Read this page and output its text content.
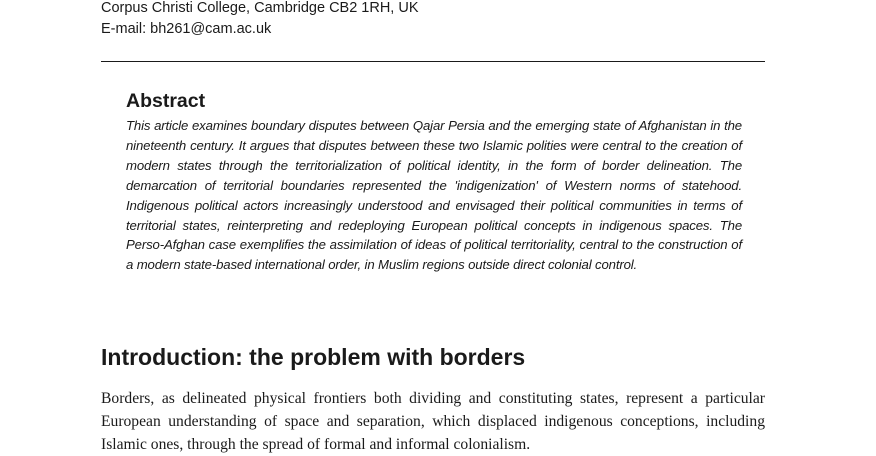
Corpus Christi College, Cambridge CB2 1RH, UK
E-mail: bh261@cam.ac.uk
Abstract

This article examines boundary disputes between Qajar Persia and the emerging state of Afghanistan in the nineteenth century. It argues that disputes between these two Islamic polities were central to the creation of modern states through the territorialization of political identity, in the form of border delineation. The demarcation of territorial boundaries represented the 'indigenization' of Western norms of statehood. Indigenous political actors increasingly understood and envisaged their political communities in terms of territorial states, reinterpreting and redeploying European political concepts in indigenous spaces. The Perso-Afghan case exemplifies the assimilation of ideas of political territoriality, central to the construction of a modern state-based international order, in Muslim regions outside direct colonial control.

Introduction: the problem with borders

Borders, as delineated physical frontiers both dividing and constituting states, represent a particular European understanding of space and separation, which displaced indigenous conceptions, including Islamic ones, through the spread of formal and informal colonialism.
